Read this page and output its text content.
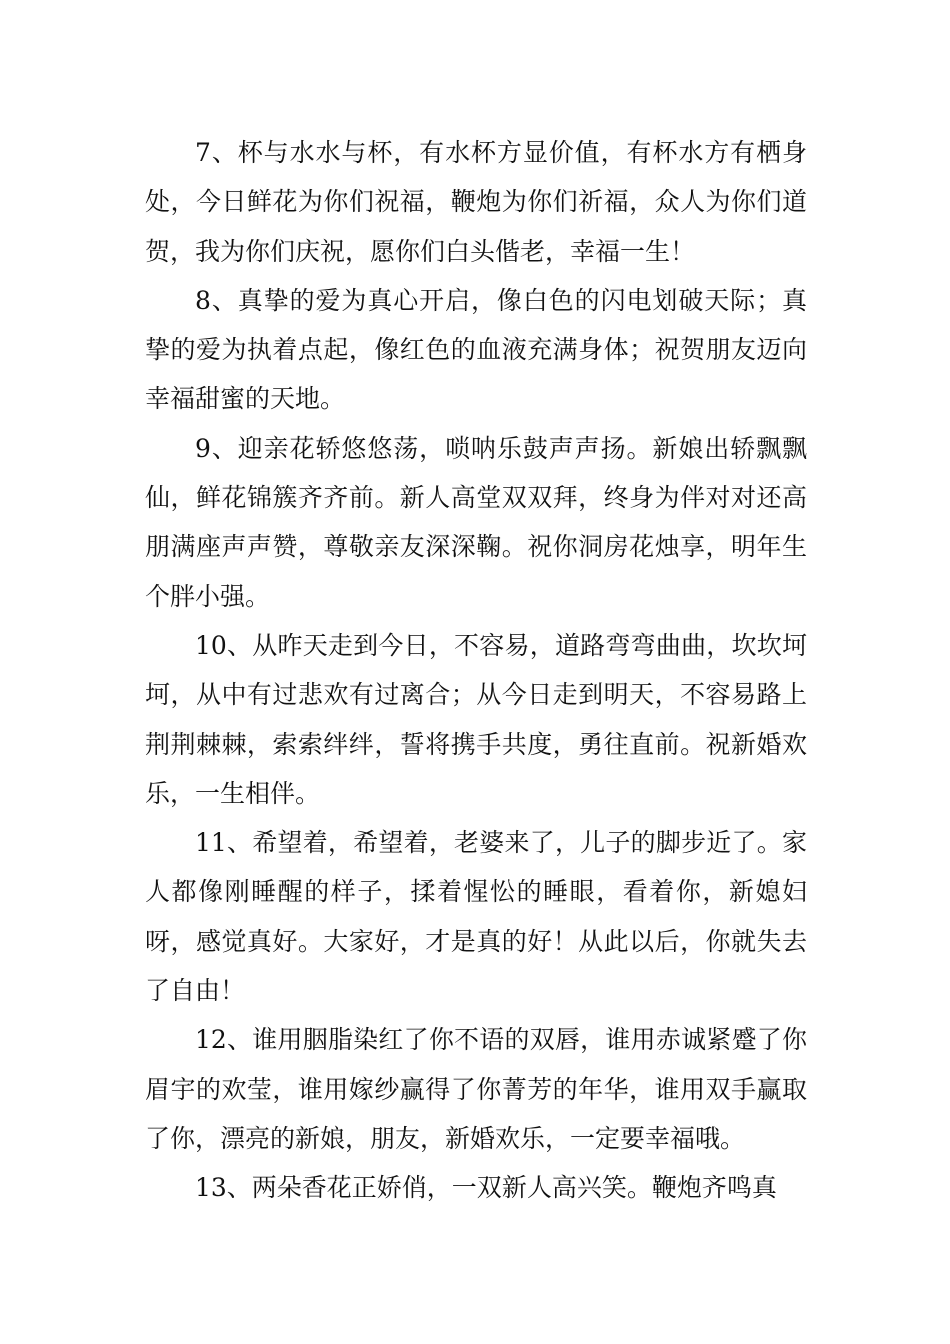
7、杯与水水与杯，有水杯方显价值，有杯水方有栖身处，今日鲜花为你们祝福，鞭炮为你们祈福，众人为你们道贺，我为你们庆祝，愿你们白头偕老，幸福一生！

8、真挚的爱为真心开启，像白色的闪电划破天际；真挚的爱为执着点起，像红色的血液充满身体；祝贺朋友迈向幸福甜蜜的天地。

9、迎亲花轿悠悠荡，唢呐乐鼓声声扬。新娘出轿飘飘仙，鲜花锦簇齐齐前。新人高堂双双拜，终身为伴对对还高朋满座声声赞，尊敬亲友深深鞠。祝你洞房花烛享，明年生个胖小强。

10、从昨天走到今日，不容易，道路弯弯曲曲，坎坎坷坷，从中有过悲欢有过离合；从今日走到明天，不容易路上荆荆棘棘，索索绊绊，誓将携手共度，勇往直前。祝新婚欢乐，一生相伴。

11、希望着，希望着，老婆来了，儿子的脚步近了。家人都像刚睡醒的样子，揉着惺忪的睡眼，看着你，新媳妇呀，感觉真好。大家好，才是真的好！从此以后，你就失去了自由！

12、谁用胭脂染红了你不语的双唇，谁用赤诚紧蹙了你眉宇的欢莹，谁用嫁纱赢得了你菁芳的年华，谁用双手赢取了你，漂亮的新娘，朋友，新婚欢乐，一定要幸福哦。

13、两朵香花正娇俏，一双新人高兴笑。鞭炮齐鸣真
